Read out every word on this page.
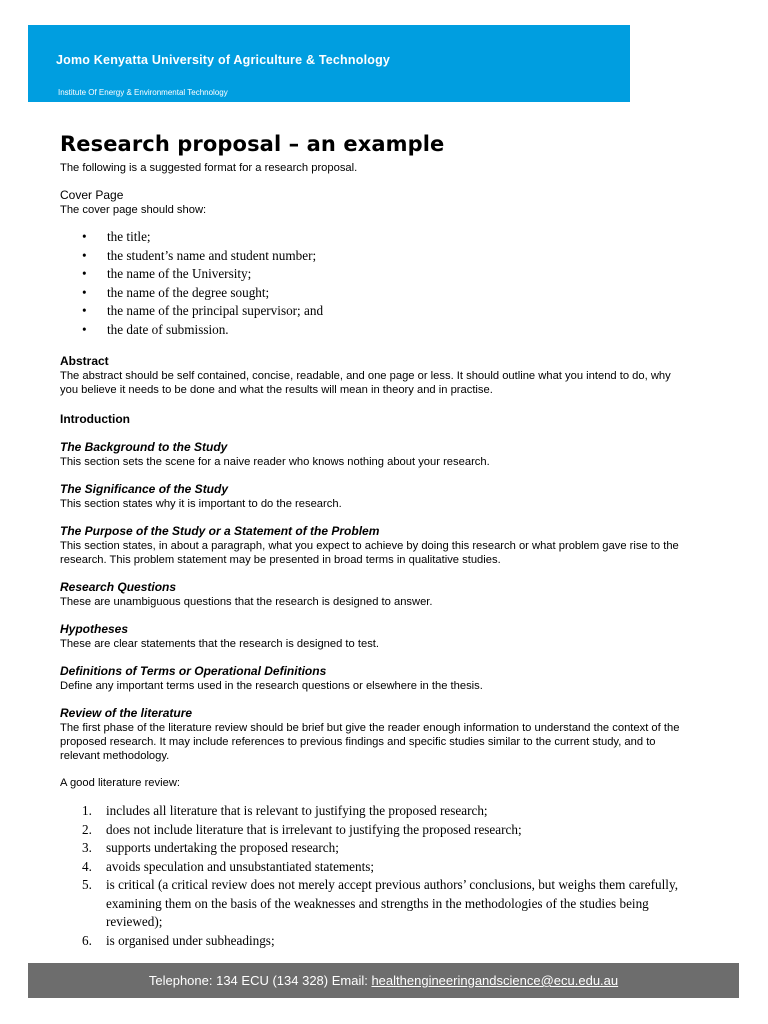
Jomo Kenyatta University of Agriculture & Technology
Institute Of Energy & Environmental Technology
Research proposal – an example

The following is a suggested format for a research proposal.

Cover Page

The cover page should show:

• the title;
• the student’s name and student number;
• the name of the University;
• the name of the degree sought;
• the name of the principal supervisor; and
• the date of submission.

Abstract

The abstract should be self contained, concise, readable, and one page or less. It should outline what you intend to do, why you believe it needs to be done and what the results will mean in theory and in practise.

Introduction

The Background to the Study

This section sets the scene for a naive reader who knows nothing about your research.

The Significance of the Study

This section states why it is important to do the research.

The Purpose of the Study or a Statement of the Problem

This section states, in about a paragraph, what you expect to achieve by doing this research or what problem gave rise to the research. This problem statement may be presented in broad terms in qualitative studies.

Research Questions

These are unambiguous questions that the research is designed to answer.

Hypotheses

These are clear statements that the research is designed to test.

Definitions of Terms or Operational Definitions

Define any important terms used in the research questions or elsewhere in the thesis.

Review of the literature

The first phase of the literature review should be brief but give the reader enough information to understand the context of the proposed research. It may include references to previous findings and specific studies similar to the current study, and to relevant methodology.

A good literature review:

1. includes all literature that is relevant to justifying the proposed research;
2. does not include literature that is irrelevant to justifying the proposed research;
3. supports undertaking the proposed research;
4. avoids speculation and unsubstantiated statements;
5. is critical (a critical review does not merely accept previous authors’ conclusions, but weighs them carefully, examining them on the basis of the weaknesses and strengths in the methodologies of the studies being reviewed);
6. is organised under subheadings;
Telephone: 134 ECU (134 328) Email: healthengineeringandscience@ecu.edu.au
